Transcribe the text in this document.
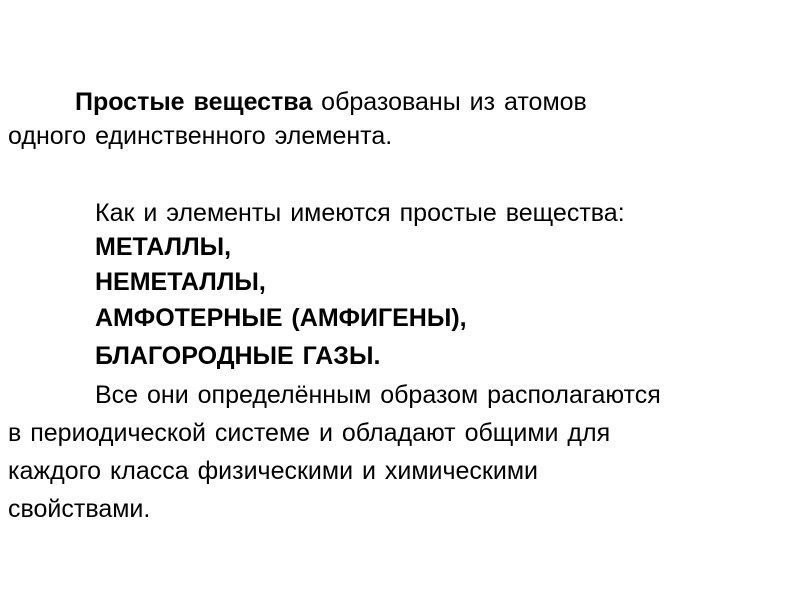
Простые вещества образованы из атомов
одного единственного элемента.
Как и элементы имеются простые вещества:
МЕТАЛЛЫ,
НЕМЕТАЛЛЫ,
АМФОТЕРНЫЕ (АМФИГЕНЫ),
БЛАГОРОДНЫЕ ГАЗЫ.
Все они определённым образом располагаются
в периодической системе и обладают общими для
каждого класса физическими и химическими
свойствами.
